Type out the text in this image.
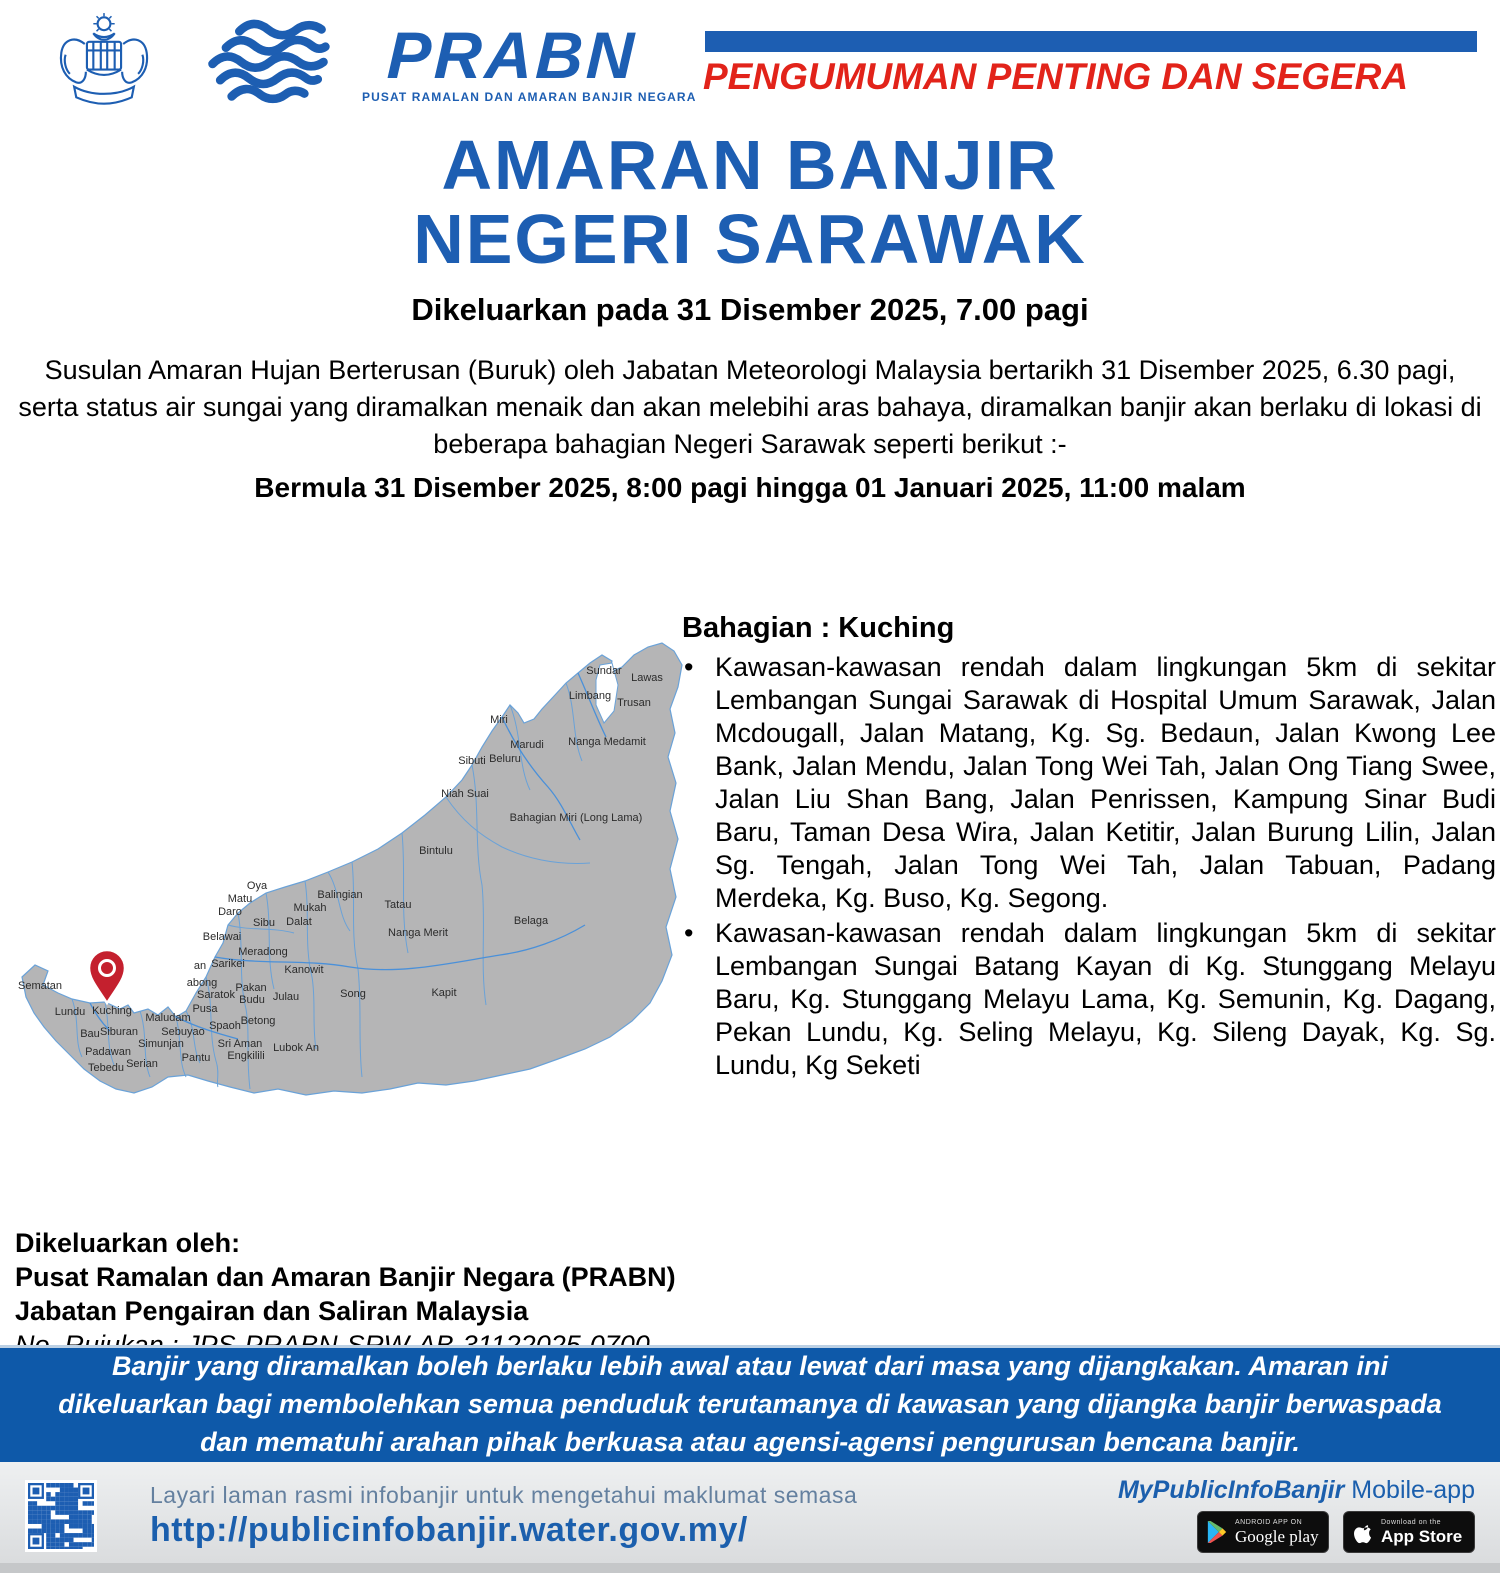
PRABN
PUSAT RAMALAN DAN AMARAN BANJIR NEGARA PENGUMUMAN PENTING DAN SEGERA
AMARAN BANJIR
NEGERI SARAWAK
Dikeluarkan pada 31 Disember 2025, 7.00 pagi
Susulan Amaran Hujan Berterusan (Buruk) oleh Jabatan Meteorologi Malaysia bertarikh 31 Disember 2025, 6.30 pagi, serta status air sungai yang diramalkan menaik dan akan melebihi aras bahaya, diramalkan banjir akan berlaku di lokasi di beberapa bahagian Negeri Sarawak seperti berikut :-
Bermula 31 Disember 2025, 8:00 pagi hingga 01 Januari 2025, 11:00 malam
Sundar
Lawas
Limbang
Trusan
Miri
Marudi Nanga Medamit
Sibuti Beluru
Niah Suai
Bahagian Miri (Long Lama)
Bintulu
Oya
Matu
Daro
Balingian
Mukah	Tatau
Sibu Dalat	Belaga
Belawai
Meradong
Nanga Merit
Sarikei	Kanowit
an
abong
Saratok
Pakan
Budu Julau	Song	Kapit
Pusa
Betong
Sematan
Lundu Kuching
Bau Siburan
Padawan
Tebedu Serian
Maludam
Sebuyao
Simunjan
Pantu
Spaoh
Sri Aman
Engkilili
Lubok An
Bahagian : Kuching
• Kawasan-kawasan rendah dalam lingkungan 5km di sekitar Lembangan Sungai Sarawak di Hospital Umum Sarawak, Jalan Mcdougall, Jalan Matang, Kg. Sg. Bedaun, Jalan Kwong Lee Bank, Jalan Mendu, Jalan Tong Wei Tah, Jalan Ong Tiang Swee, Jalan Liu Shan Bang, Jalan Penrissen, Kampung Sinar Budi Baru, Taman Desa Wira, Jalan Ketitir, Jalan Burung Lilin, Jalan Sg. Tengah, Jalan Tong Wei Tah, Jalan Tabuan, Padang Merdeka, Kg. Buso, Kg. Segong.
• Kawasan-kawasan rendah dalam lingkungan 5km di sekitar Lembangan Sungai Batang Kayan di Kg. Stunggang Melayu Baru, Kg. Stunggang Melayu Lama, Kg. Semunin, Kg. Dagang, Pekan Lundu, Kg. Seling Melayu, Kg. Sileng Dayak, Kg. Sg. Lundu, Kg Seketi
Dikeluarkan oleh:
Pusat Ramalan dan Amaran Banjir Negara (PRABN)
Jabatan Pengairan dan Saliran Malaysia
Banjir yang diramalkan boleh berlaku lebih awal atau lewat dari masa yang dijangkakan. Amaran ini dikeluarkan bagi membolehkan semua penduduk terutamanya di kawasan yang dijangka banjir berwaspada dan mematuhi arahan pihak berkuasa atau agensi-agensi pengurusan bencana banjir.
Layari laman rasmi infobanjir untuk mengetahui maklumat semasa
http://publicinfobanjir.water.gov.my/
MyPublicInfoBanjir Mobile-app
ANDROID APP ON
Google play
Download on the
App Store
